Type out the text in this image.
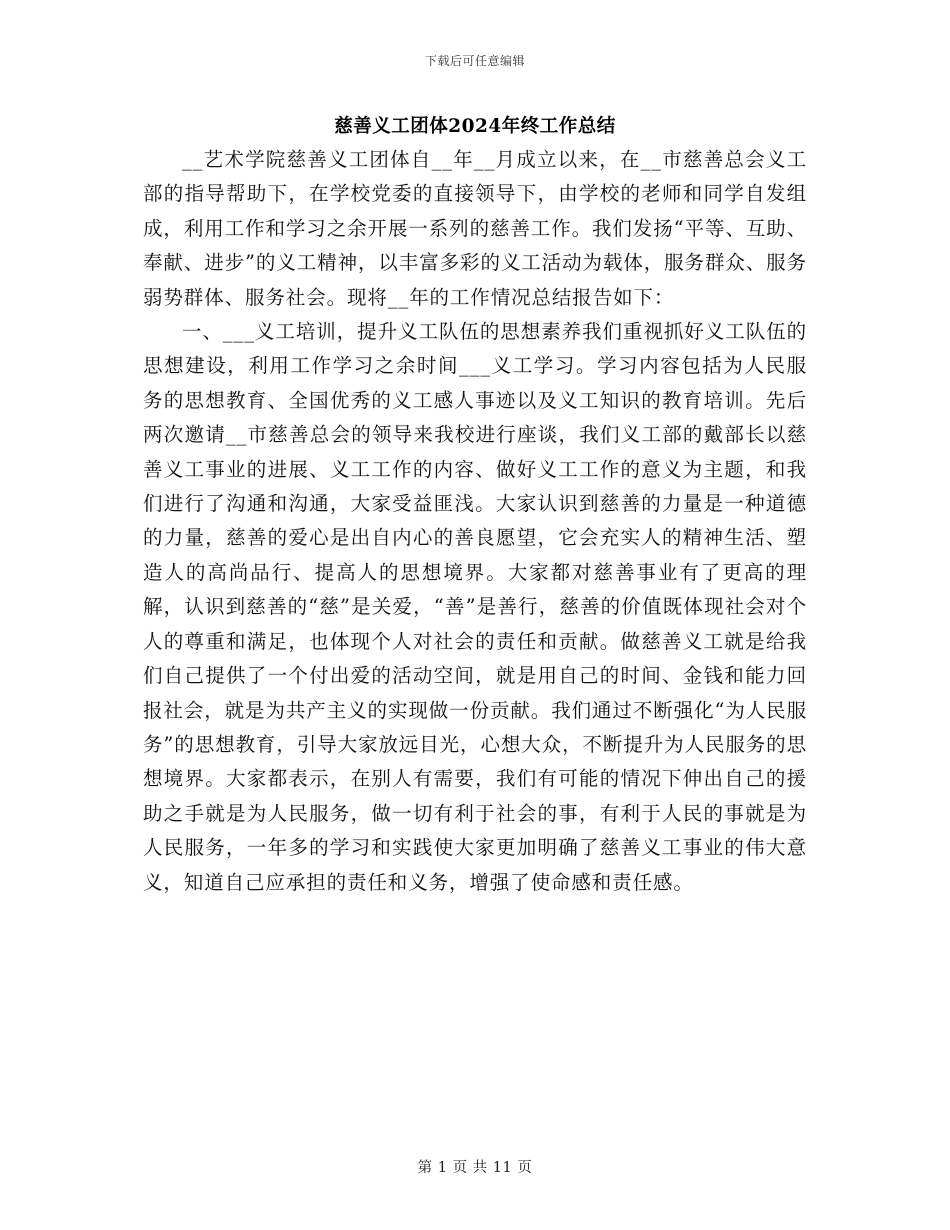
下载后可任意编辑
慈善义工团体2024年终工作总结

__艺术学院慈善义工团体自__年__月成立以来，在__市慈善总会义工部的指导帮助下，在学校党委的直接领导下，由学校的老师和同学自发组成，利用工作和学习之余开展一系列的慈善工作。我们发扬“平等、互助、奉献、进步”的义工精神，以丰富多彩的义工活动为载体，服务群众、服务弱势群体、服务社会。现将__年的工作情况总结报告如下：

一、___义工培训，提升义工队伍的思想素养我们重视抓好义工队伍的思想建设，利用工作学习之余时间___义工学习。学习内容包括为人民服务的思想教育、全国优秀的义工感人事迹以及义工知识的教育培训。先后两次邀请__市慈善总会的领导来我校进行座谈，我们义工部的戴部长以慈善义工事业的进展、义工工作的内容、做好义工工作的意义为主题，和我们进行了沟通和沟通，大家受益匪浅。大家认识到慈善的力量是一种道德的力量，慈善的爱心是出自内心的善良愿望，它会充实人的精神生活、塑造人的高尚品行、提高人的思想境界。大家都对慈善事业有了更高的理解，认识到慈善的“慈”是关爱，“善”是善行，慈善的价值既体现社会对个人的尊重和满足，也体现个人对社会的责任和贡献。做慈善义工就是给我们自己提供了一个付出爱的活动空间，就是用自己的时间、金钱和能力回报社会，就是为共产主义的实现做一份贡献。我们通过不断强化“为人民服务”的思想教育，引导大家放远目光，心想大众，不断提升为人民服务的思想境界。大家都表示，在别人有需要，我们有可能的情况下伸出自己的援助之手就是为人民服务，做一切有利于社会的事，有利于人民的事就是为人民服务，一年多的学习和实践使大家更加明确了慈善义工事业的伟大意义，知道自己应承担的责任和义务，增强了使命感和责任感。

第 1 页 共 11 页
